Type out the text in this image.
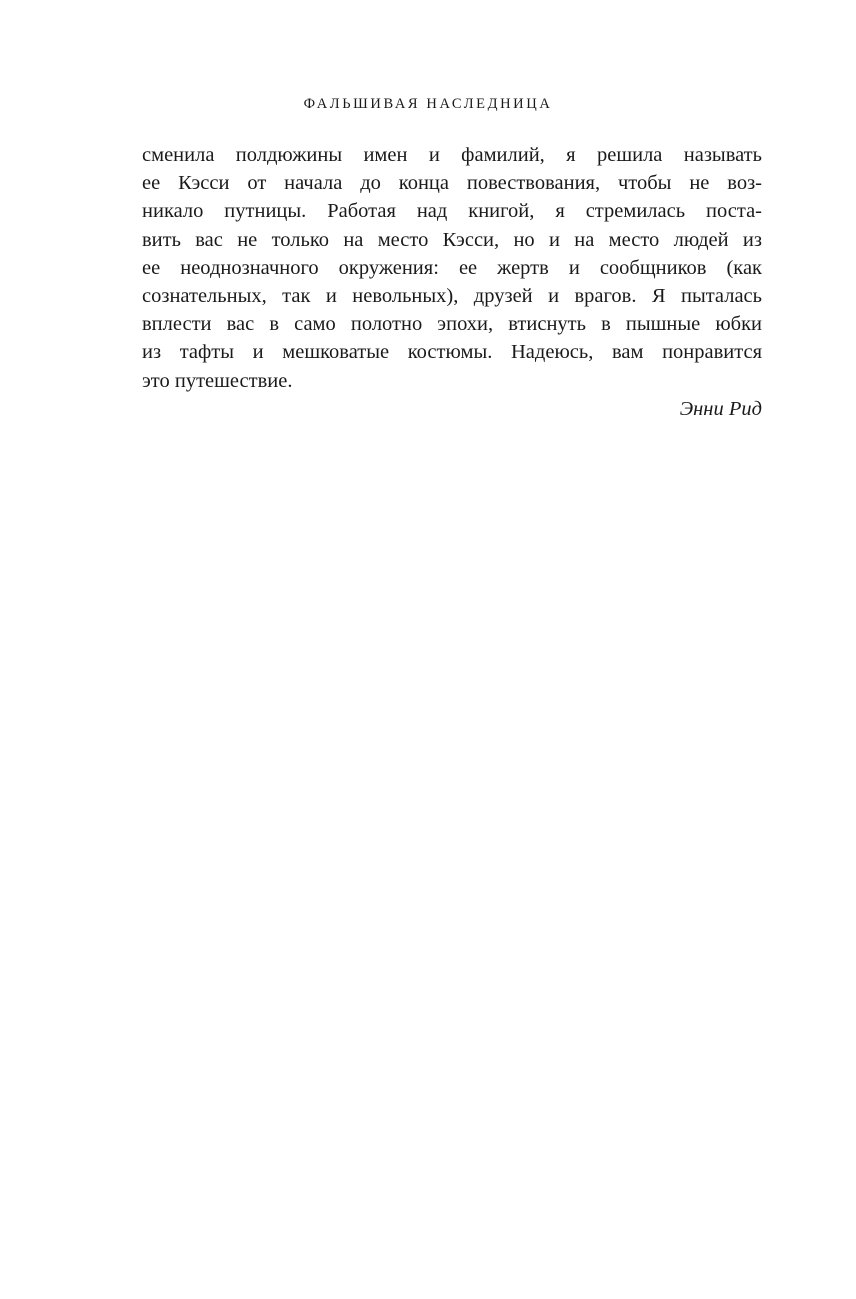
ФАЛЬШИВАЯ НАСЛЕДНИЦА
сменила полдюжины имен и фамилий, я решила называть
ее Кэсси от начала до конца повествования, чтобы не воз-
никало путницы. Работая над книгой, я стремилась поста-
вить вас не только на место Кэсси, но и на место людей из
ее неоднозначного окружения: ее жертв и сообщников (как
сознательных, так и невольных), друзей и врагов. Я пыталась
вплести вас в само полотно эпохи, втиснуть в пышные юбки
из тафты и мешковатые костюмы. Надеюсь, вам понравится
это путешествие.
Энни Рид
